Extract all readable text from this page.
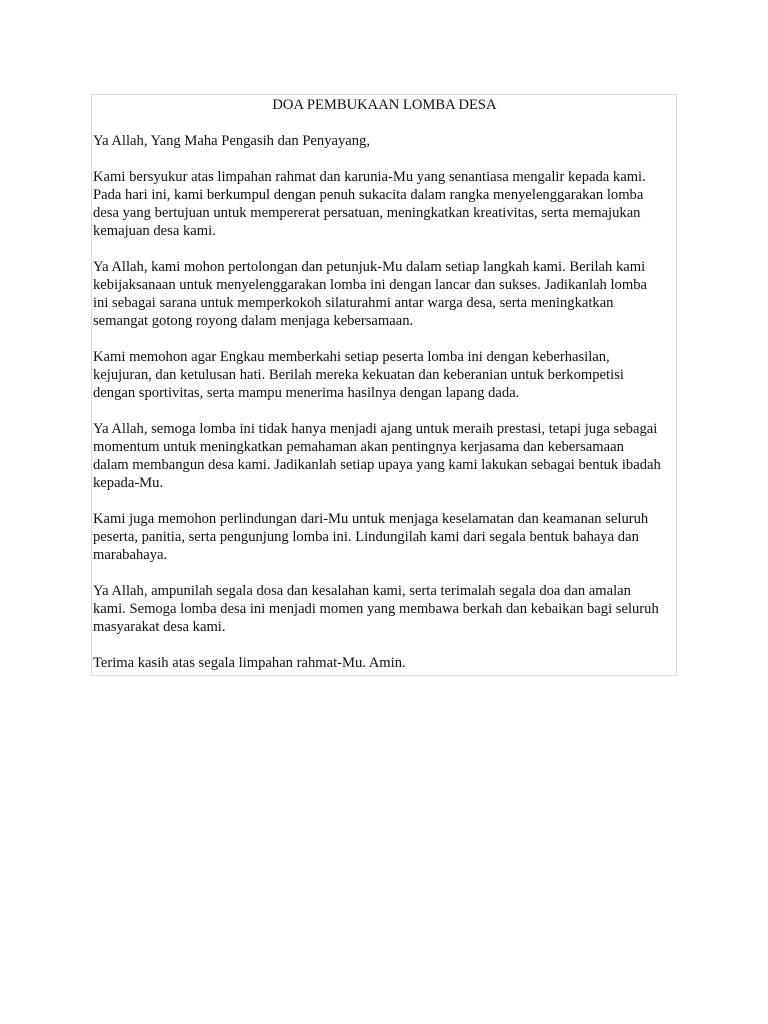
DOA PEMBUKAAN LOMBA DESA
Ya Allah, Yang Maha Pengasih dan Penyayang,
Kami bersyukur atas limpahan rahmat dan karunia-Mu yang senantiasa mengalir kepada kami.
Pada hari ini, kami berkumpul dengan penuh sukacita dalam rangka menyelenggarakan lomba
desa yang bertujuan untuk mempererat persatuan, meningkatkan kreativitas, serta memajukan
kemajuan desa kami.
Ya Allah, kami mohon pertolongan dan petunjuk-Mu dalam setiap langkah kami. Berilah kami
kebijaksanaan untuk menyelenggarakan lomba ini dengan lancar dan sukses. Jadikanlah lomba
ini sebagai sarana untuk memperkokoh silaturahmi antar warga desa, serta meningkatkan
semangat gotong royong dalam menjaga kebersamaan.
Kami memohon agar Engkau memberkahi setiap peserta lomba ini dengan keberhasilan,
kejujuran, dan ketulusan hati. Berilah mereka kekuatan dan keberanian untuk berkompetisi
dengan sportivitas, serta mampu menerima hasilnya dengan lapang dada.
Ya Allah, semoga lomba ini tidak hanya menjadi ajang untuk meraih prestasi, tetapi juga sebagai
momentum untuk meningkatkan pemahaman akan pentingnya kerjasama dan kebersamaan
dalam membangun desa kami. Jadikanlah setiap upaya yang kami lakukan sebagai bentuk ibadah
kepada-Mu.
Kami juga memohon perlindungan dari-Mu untuk menjaga keselamatan dan keamanan seluruh
peserta, panitia, serta pengunjung lomba ini. Lindungilah kami dari segala bentuk bahaya dan
marabahaya.
Ya Allah, ampunilah segala dosa dan kesalahan kami, serta terimalah segala doa dan amalan
kami. Semoga lomba desa ini menjadi momen yang membawa berkah dan kebaikan bagi seluruh
masyarakat desa kami.
Terima kasih atas segala limpahan rahmat-Mu. Amin.
